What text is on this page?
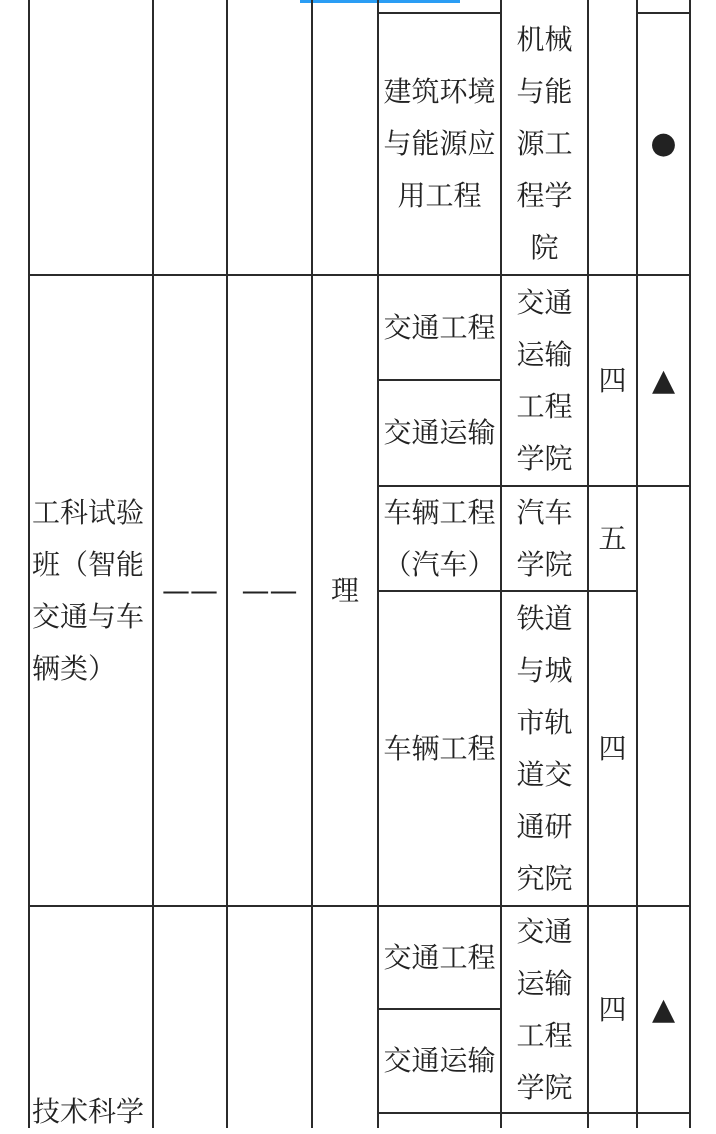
建筑环境
与能源应
用工程
机械
与能
源工
程学
院
●
工科试验
班（智能
交通与车
辆类）
—— ——	理
交通工程
交通运输
车辆工程
（汽车）
车辆工程
交通
运输
工程
学院
汽车
学院
铁道
与城
市轨
道交
通研
究院
四
五
四
▲
技术科学
交通工程
交通运输
交通
运输
工程
学院
四 ▲
